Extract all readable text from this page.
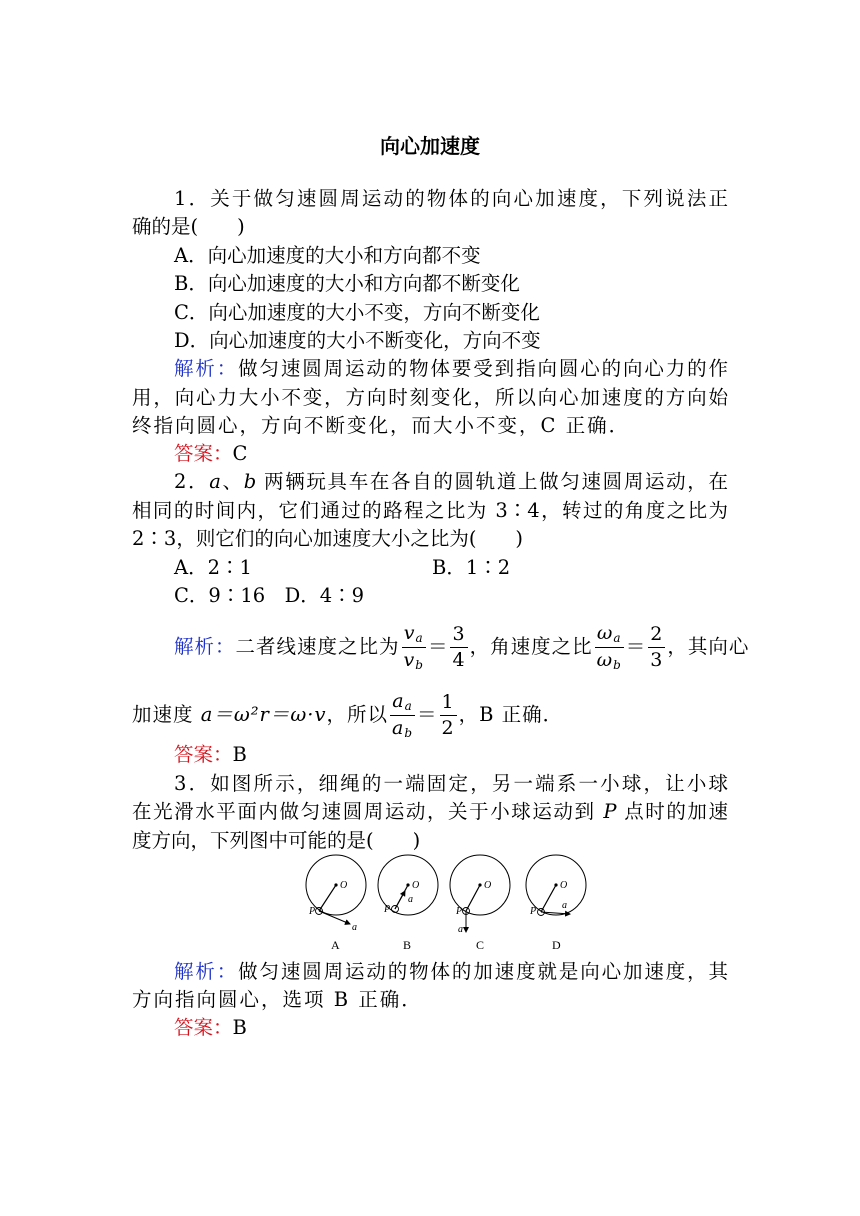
向心加速度
1．关于做匀速圆周运动的物体的向心加速度，下列说法正
确的是(　　)
A．向心加速度的大小和方向都不变
B．向心加速度的大小和方向都不断变化
C．向心加速度的大小不变，方向不断变化
D．向心加速度的大小不断变化，方向不变
解析：做匀速圆周运动的物体要受到指向圆心的向心力的作
用，向心力大小不变，方向时刻变化，所以向心加速度的方向始
终指向圆心，方向不断变化，而大小不变，C 正确．
答案：C
2．a、b 两辆玩具车在各自的圆轨道上做匀速圆周运动，在
相同的时间内，它们通过的路程之比为 3∶4，转过的角度之比为
2∶3，则它们的向心加速度大小之比为(　　)
A．2∶1	B．1∶2
C．9∶16　D．4∶9
解析：二者线速度之比为 $\frac{v_a}{v_b} = \frac{3}{4}$ ，角速度之比 $\frac{\omega_a}{\omega_b} = \frac{2}{3}$ ，其向心
加速度 a＝ω²r＝ω·v，所以 $\frac{a_a}{a_b} = \frac{1}{2}$ ，B 正确．
答案：B
3．如图所示，细绳的一端固定，另一端系一小球，让小球
在光滑水平面内做匀速圆周运动，关于小球运动到 P 点时的加速
度方向，下列图中可能的是(　　)
O
P
a
O
P
a
O
P
a
O
P
a
A	B	C	D
解析：做匀速圆周运动的物体的加速度就是向心加速度，其
方向指向圆心，选项 B 正确．
答案：B
